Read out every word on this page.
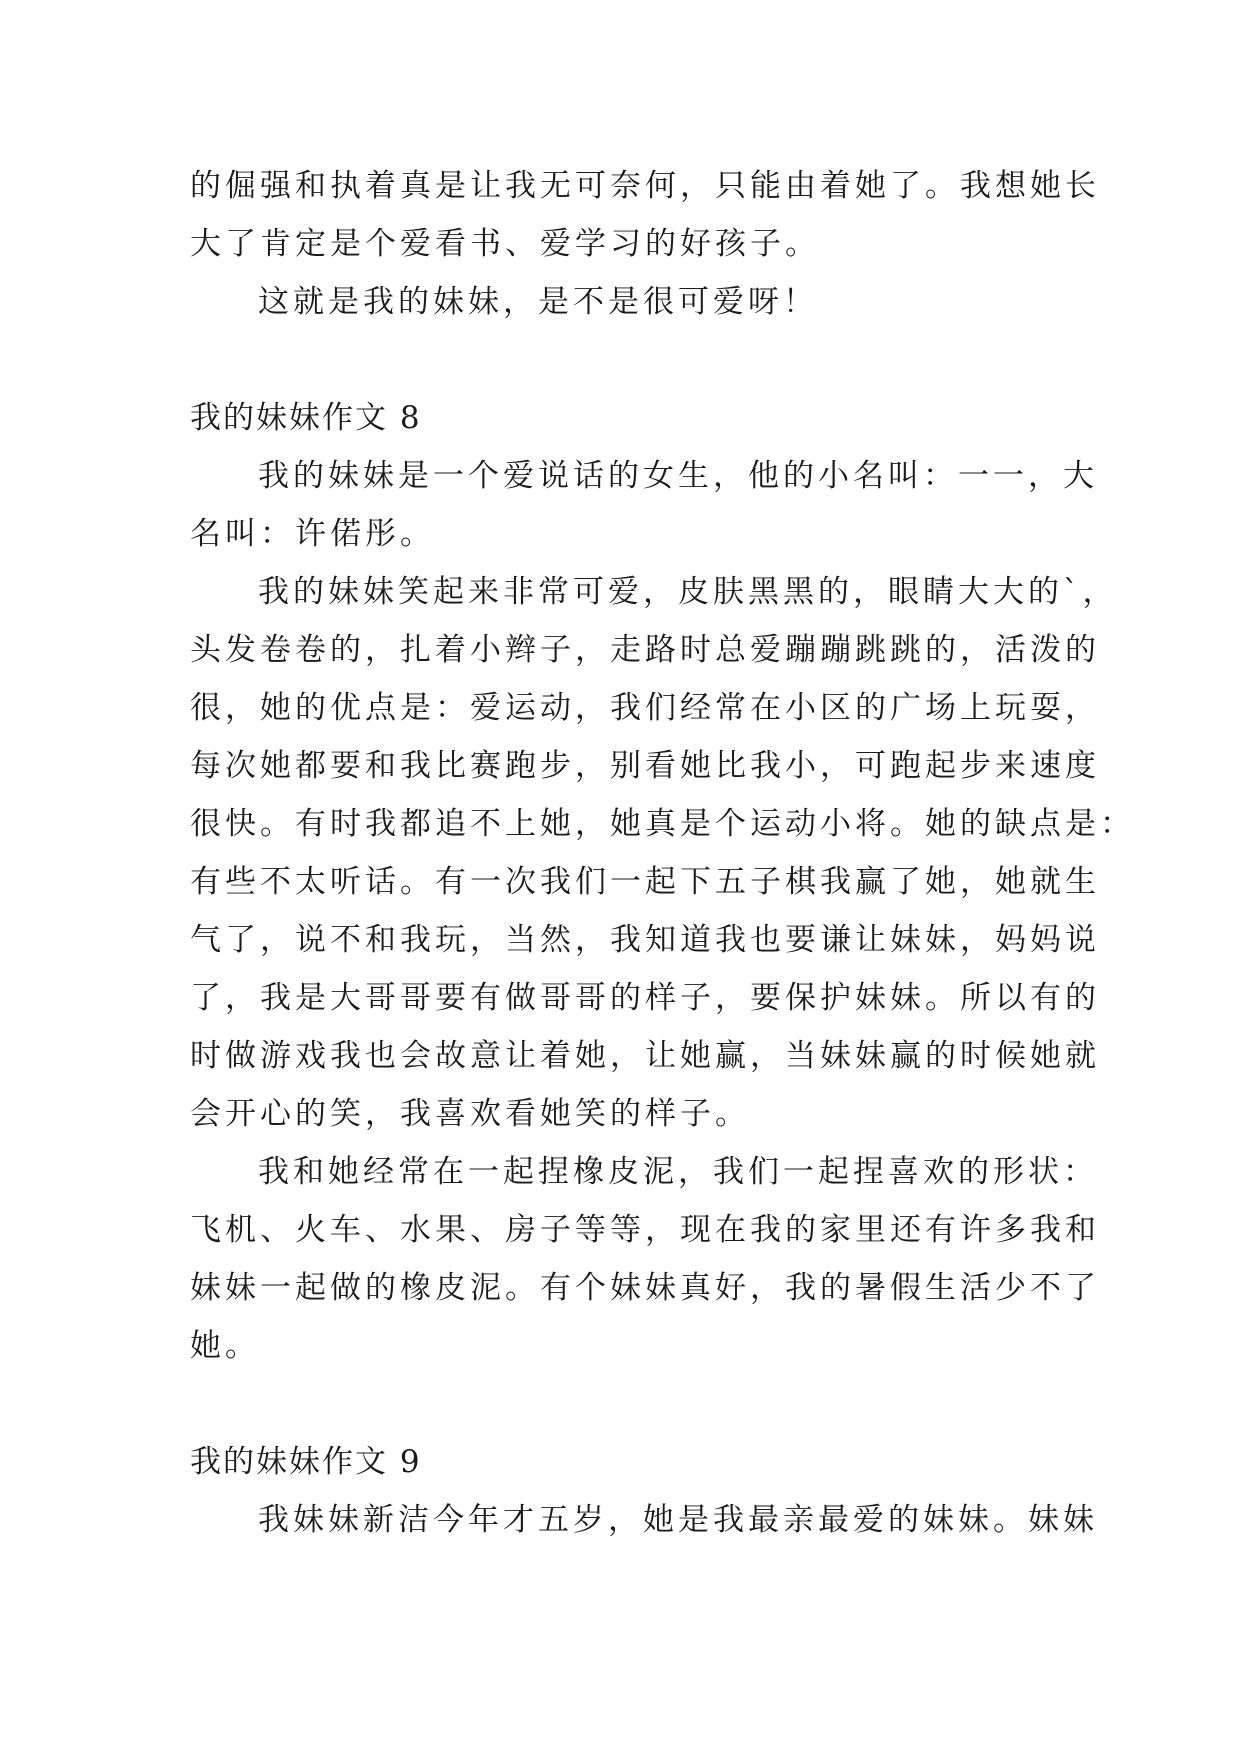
的倔强和执着真是让我无可奈何，只能由着她了。我想她长
大了肯定是个爱看书、爱学习的好孩子。
这就是我的妹妹，是不是很可爱呀！
我的妹妹作文 8
我的妹妹是一个爱说话的女生，他的小名叫：一一，大
名叫：许偌彤。
我的妹妹笑起来非常可爱，皮肤黑黑的，眼睛大大的`，
头发卷卷的，扎着小辫子，走路时总爱蹦蹦跳跳的，活泼的
很，她的优点是：爱运动，我们经常在小区的广场上玩耍，
每次她都要和我比赛跑步，别看她比我小，可跑起步来速度
很快。有时我都追不上她，她真是个运动小将。她的缺点是：
有些不太听话。有一次我们一起下五子棋我赢了她，她就生
气了，说不和我玩，当然，我知道我也要谦让妹妹，妈妈说
了，我是大哥哥要有做哥哥的样子，要保护妹妹。所以有的
时做游戏我也会故意让着她，让她赢，当妹妹赢的时候她就
会开心的笑，我喜欢看她笑的样子。
我和她经常在一起捏橡皮泥，我们一起捏喜欢的形状：
飞机、火车、水果、房子等等，现在我的家里还有许多我和
妹妹一起做的橡皮泥。有个妹妹真好，我的暑假生活少不了
她。
我的妹妹作文 9
我妹妹新洁今年才五岁，她是我最亲最爱的妹妹。妹妹
